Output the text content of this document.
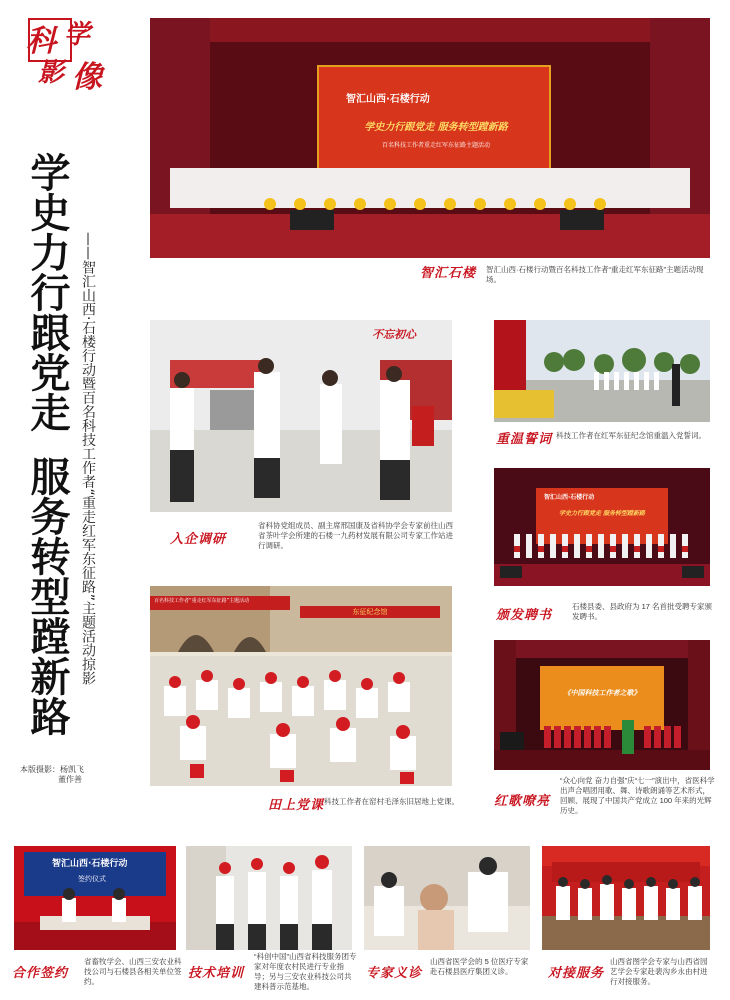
科 学
影 像
学史力行跟党走
服务转型蹚新路 ——智汇山西·石楼行动暨百名科技工作者“重走红军东征路”主题活动掠影
本版摄影：杨凯飞
董作善
智汇山西·石楼行动
学史力行跟党走 服务转型蹚新路
百名科技工作者重走红军东征路主题活动
智汇石楼 智汇山西·石楼行动暨百名科技工作者“重走红军东征路”主题活动现场。
不忘初心
入企调研
省科协党组成员、副主席邢国康及省科协学会专家前往山西省茶叶学会所建的石楼一九药材发展有限公司专家工作站进行调研。
重温誓词 科技工作者在红军东征纪念馆重温入党誓词。
智汇山西·石楼行动
学史力行跟党走 服务转型蹚新路
颁发聘书
石楼县委、县政府为 17 名首批受聘专家颁发聘书。
百名科技工作者“重走红军东征路”主题活动
东征纪念馆
田上党课 科技工作者在窑村毛泽东旧居地上党课。
《中国科技工作者之歌》
红歌嘹亮
“众心向党 奋力自强”庆“七一”演出中，省医科学出声合唱团用歌、舞、诗歌朗诵等艺术形式，回顾、展现了中国共产党成立 100 年来的光辉历史。
智汇山西·石楼行动
签约仪式
合作签约
省畜牧学会、山西三安农业科技公司与石楼县各相关单位签约。
技术培训
“科创中国”山西省科技服务团专家对年度农村民进行专业指导；另与三安农业科技公司共建科普示范基地。
专家义诊
山西省医学会的 5 位医疗专家赴石楼县医疗集团义诊。	对接服务
山西省图学会专家与山西省园艺学会专家赴裴沟乡永由村进行对接服务。
